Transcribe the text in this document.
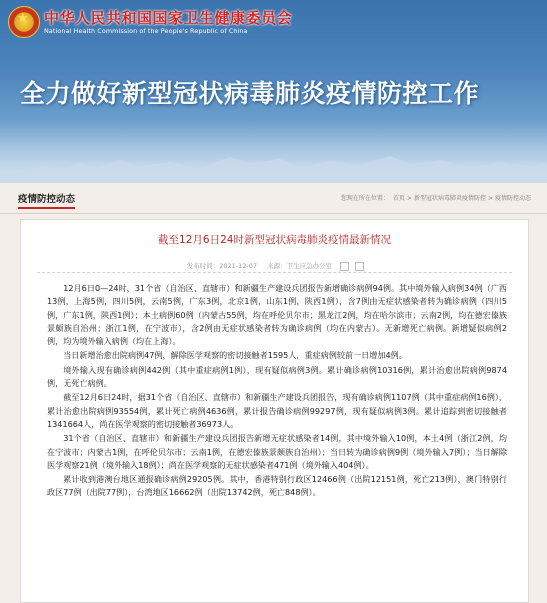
★
中华人民共和国国家卫生健康委员会
National Health Commission of the People's Republic of China
全力做好新型冠状病毒肺炎疫情防控工作
疫情防控动态	您现在所在位置： 首页 > 新型冠状病毒肺炎疫情防控 > 疫情防控动态
截至12月6日24时新型冠状病毒肺炎疫情最新情况
发布时间：2021-12-07 来源：卫生应急办公室

12月6日0—24时，31个省（自治区、直辖市）和新疆生产建设兵团报告新增确诊病例94例。其中境外输入病例34例（广西13例，上海5例，四川5例，云南5例，广东3例，北京1例，山东1例，陕西1例），含7例由无症状感染者转为确诊病例（四川5例，广东1例，陕西1例）；本土病例60例（内蒙古55例，均在呼伦贝尔市；黑龙江2例，均在哈尔滨市；云南2例，均在德宏傣族景颇族自治州；浙江1例，在宁波市），含2例由无症状感染者转为确诊病例（均在内蒙古）。无新增死亡病例。新增疑似病例2例，均为境外输入病例（均在上海）。

当日新增治愈出院病例47例，解除医学观察的密切接触者1595人，重症病例较前一日增加4例。

境外输入现有确诊病例442例（其中重症病例1例），现有疑似病例3例。累计确诊病例10316例，累计治愈出院病例9874例，无死亡病例。

截至12月6日24时，据31个省（自治区、直辖市）和新疆生产建设兵团报告，现有确诊病例1107例（其中重症病例16例），累计治愈出院病例93554例，累计死亡病例4636例，累计报告确诊病例99297例，现有疑似病例3例。累计追踪到密切接触者1341664人，尚在医学观察的密切接触者36973人。

31个省（自治区、直辖市）和新疆生产建设兵团报告新增无症状感染者14例，其中境外输入10例，本土4例（浙江2例，均在宁波市；内蒙古1例，在呼伦贝尔市；云南1例，在德宏傣族景颇族自治州）；当日转为确诊病例9例（境外输入7例）；当日解除医学观察21例（境外输入18例）；尚在医学观察的无症状感染者471例（境外输入404例）。

累计收到港澳台地区通报确诊病例29205例。其中，香港特别行政区12466例（出院12151例，死亡213例），澳门特别行政区77例（出院77例），台湾地区16662例（出院13742例，死亡848例）。
